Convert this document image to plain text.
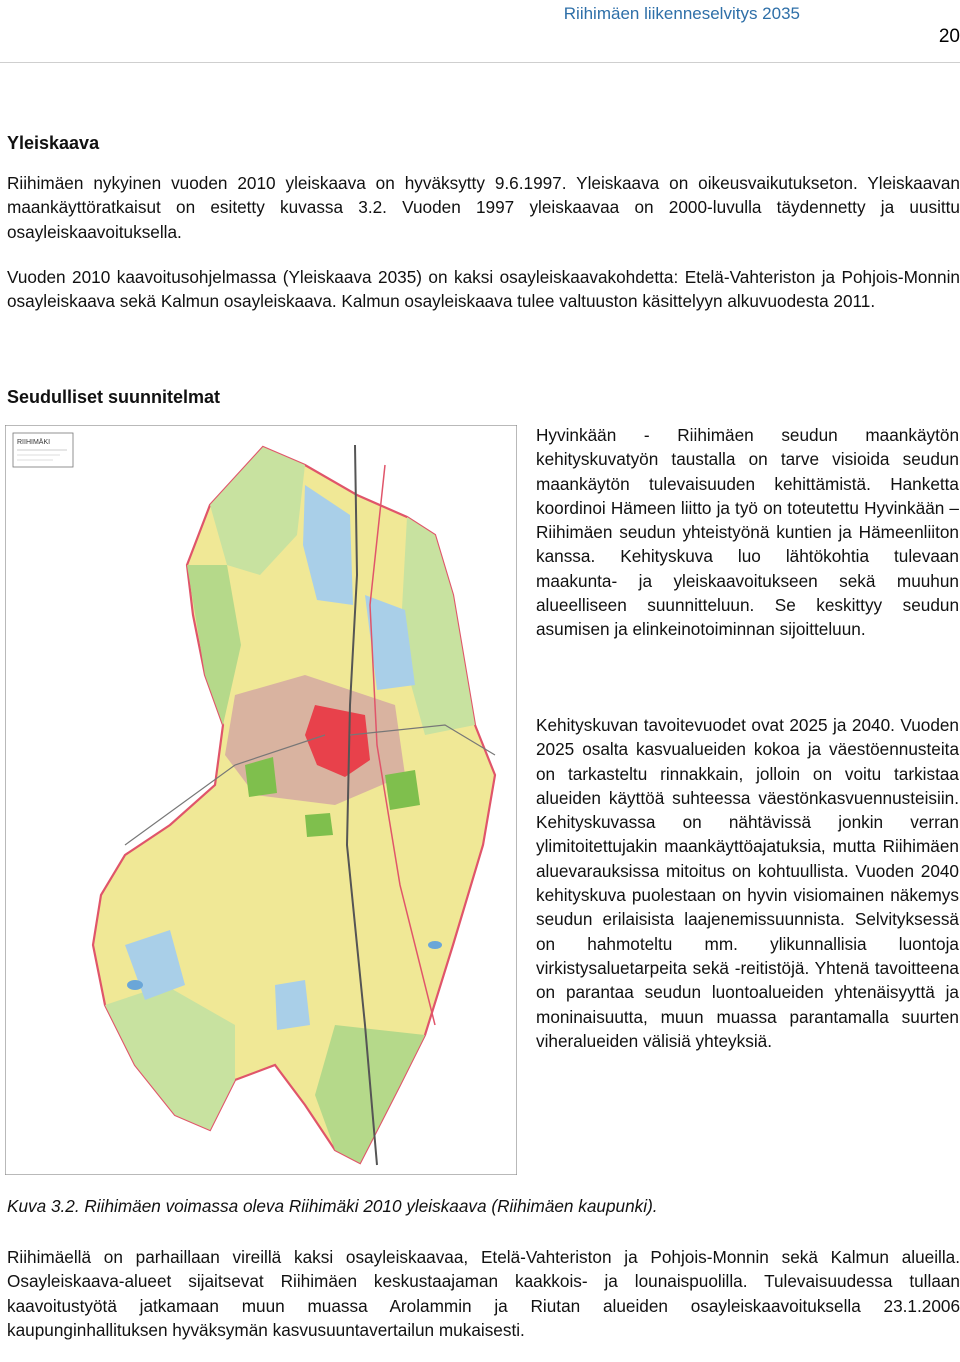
Riihimäen liikenneselvitys 2035
20
Yleiskaava
Riihimäen nykyinen vuoden 2010 yleiskaava on hyväksytty 9.6.1997. Yleiskaava on oikeusvaikutukseton. Yleiskaavan maankäyttöratkaisut on esitetty kuvassa 3.2. Vuoden 1997 yleiskaavaa on 2000-luvulla täydennetty ja uusittu osayleiskaavoituksella.
Vuoden 2010 kaavoitusohjelmassa (Yleiskaava 2035) on kaksi osayleiskaavakohdetta: Etelä-Vahteriston ja Pohjois-Monnin osayleiskaava sekä Kalmun osayleiskaava. Kalmun osayleiskaava tulee valtuuston käsittelyyn alkuvuodesta 2011.
Seudulliset suunnitelmat
RIIHIMÄKI	Hyvinkään - Riihimäen seudun maankäytön kehityskuvatyön taustalla on tarve visioida seudun maankäytön tulevaisuuden kehittämistä. Hanketta koordinoi Hämeen liitto ja työ on toteutettu Hyvinkään – Riihimäen seudun yhteistyönä kuntien ja Hämeenliiton kanssa. Kehityskuva luo lähtökohtia tulevaan maakunta- ja yleiskaavoitukseen sekä muuhun alueelliseen suunnitteluun. Se keskittyy seudun asumisen ja elinkeinotoiminnan sijoitteluun.
Kehityskuvan tavoitevuodet ovat 2025 ja 2040. Vuoden 2025 osalta kasvualueiden kokoa ja väestöennusteita on tarkasteltu rinnakkain, jolloin on voitu tarkistaa alueiden käyttöä suhteessa väestönkasvuennusteisiin. Kehityskuvassa on nähtävissä jonkin verran ylimitoitettujakin maankäyttöajatuksia, mutta Riihimäen aluevarauksissa mitoitus on kohtuullista. Vuoden 2040 kehityskuva puolestaan on hyvin visiomainen näkemys seudun erilaisista laajenemissuunnista. Selvityksessä on hahmoteltu mm. ylikunnallisia luontoja virkistysaluetarpeita sekä -reitistöjä. Yhtenä tavoitteena on parantaa seudun luontoalueiden yhtenäisyyttä ja moninaisuutta, muun muassa parantamalla suurten viheralueiden välisiä yhteyksiä.
Kuva 3.2. Riihimäen voimassa oleva Riihimäki 2010 yleiskaava (Riihimäen kaupunki).
Riihimäellä on parhaillaan vireillä kaksi osayleiskaavaa, Etelä-Vahteriston ja Pohjois-Monnin sekä Kalmun alueilla. Osayleiskaava-alueet sijaitsevat Riihimäen keskustaajaman kaakkois- ja lounaispuolilla. Tulevaisuudessa tullaan kaavoitustyötä jatkamaan muun muassa Arolammin ja Riutan alueiden osayleiskaavoituksella 23.1.2006 kaupunginhallituksen hyväksymän kasvusuuntavertailun mukaisesti.
